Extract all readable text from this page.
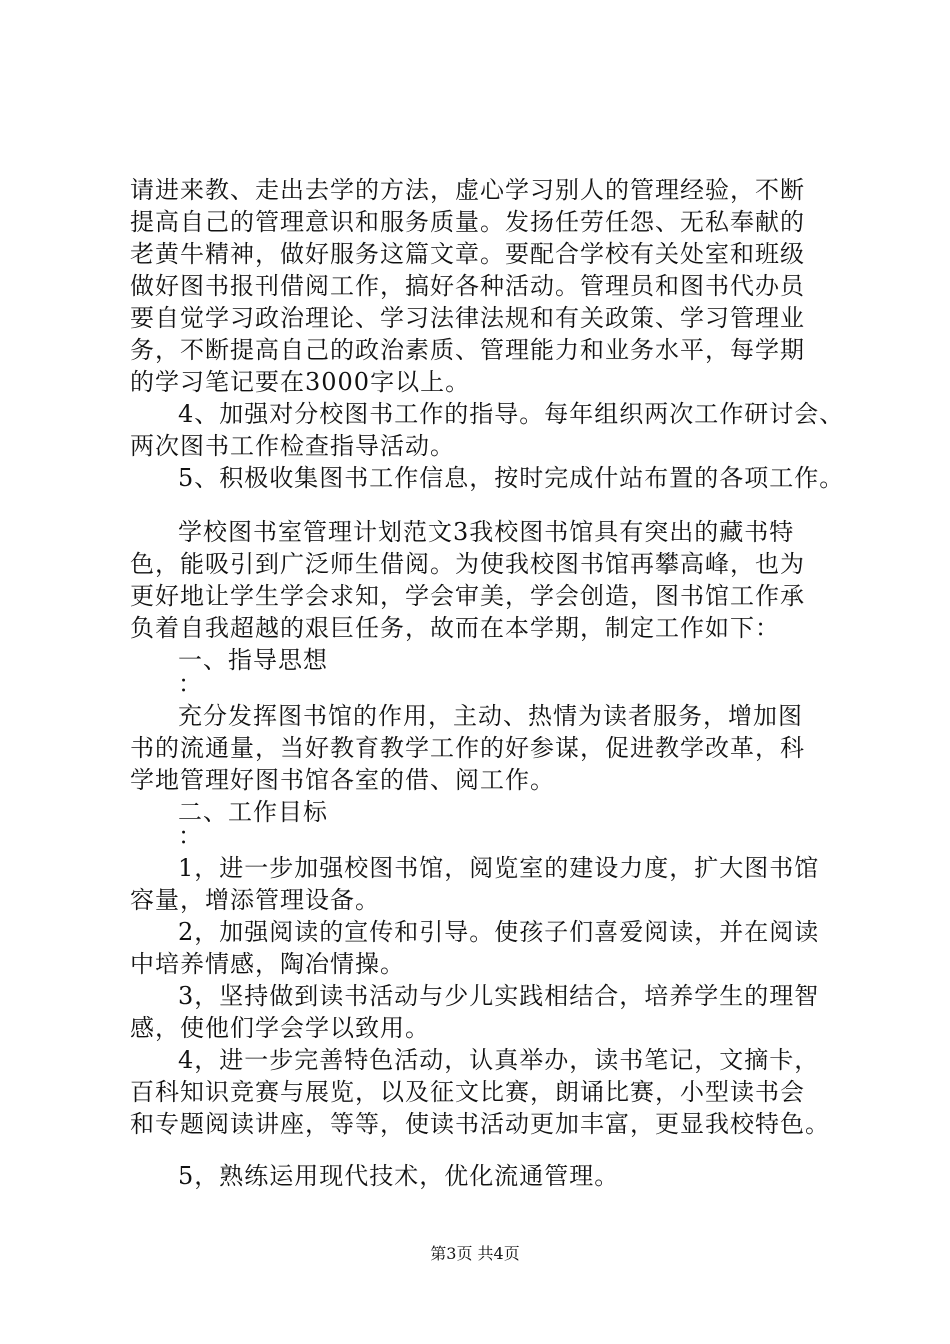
请进来教、走出去学的方法，虚心学习别人的管理经验，不断
提高自己的管理意识和服务质量。发扬任劳任怨、无私奉献的
老黄牛精神，做好服务这篇文章。要配合学校有关处室和班级
做好图书报刊借阅工作，搞好各种活动。管理员和图书代办员
要自觉学习政治理论、学习法律法规和有关政策、学习管理业
务，不断提高自己的政治素质、管理能力和业务水平，每学期
的学习笔记要在3000字以上。
4、加强对分校图书工作的指导。每年组织两次工作研讨会、
两次图书工作检查指导活动。
5、积极收集图书工作信息，按时完成什站布置的各项工作。
学校图书室管理计划范文3我校图书馆具有突出的藏书特
色，能吸引到广泛师生借阅。为使我校图书馆再攀高峰，也为
更好地让学生学会求知，学会审美，学会创造，图书馆工作承
负着自我超越的艰巨任务，故而在本学期，制定工作如下：
一、指导思想
：
充分发挥图书馆的作用，主动、热情为读者服务，增加图
书的流通量，当好教育教学工作的好参谋，促进教学改革，科
学地管理好图书馆各室的借、阅工作。
二、工作目标
：
1，进一步加强校图书馆，阅览室的建设力度，扩大图书馆
容量，增添管理设备。
2，加强阅读的宣传和引导。使孩子们喜爱阅读，并在阅读
中培养情感，陶冶情操。
3，坚持做到读书活动与少儿实践相结合，培养学生的理智
感，使他们学会学以致用。
4，进一步完善特色活动，认真举办，读书笔记，文摘卡，
百科知识竞赛与展览，以及征文比赛，朗诵比赛，小型读书会
和专题阅读讲座，等等，使读书活动更加丰富，更显我校特色。
5，熟练运用现代技术，优化流通管理。
第3页 共4页
